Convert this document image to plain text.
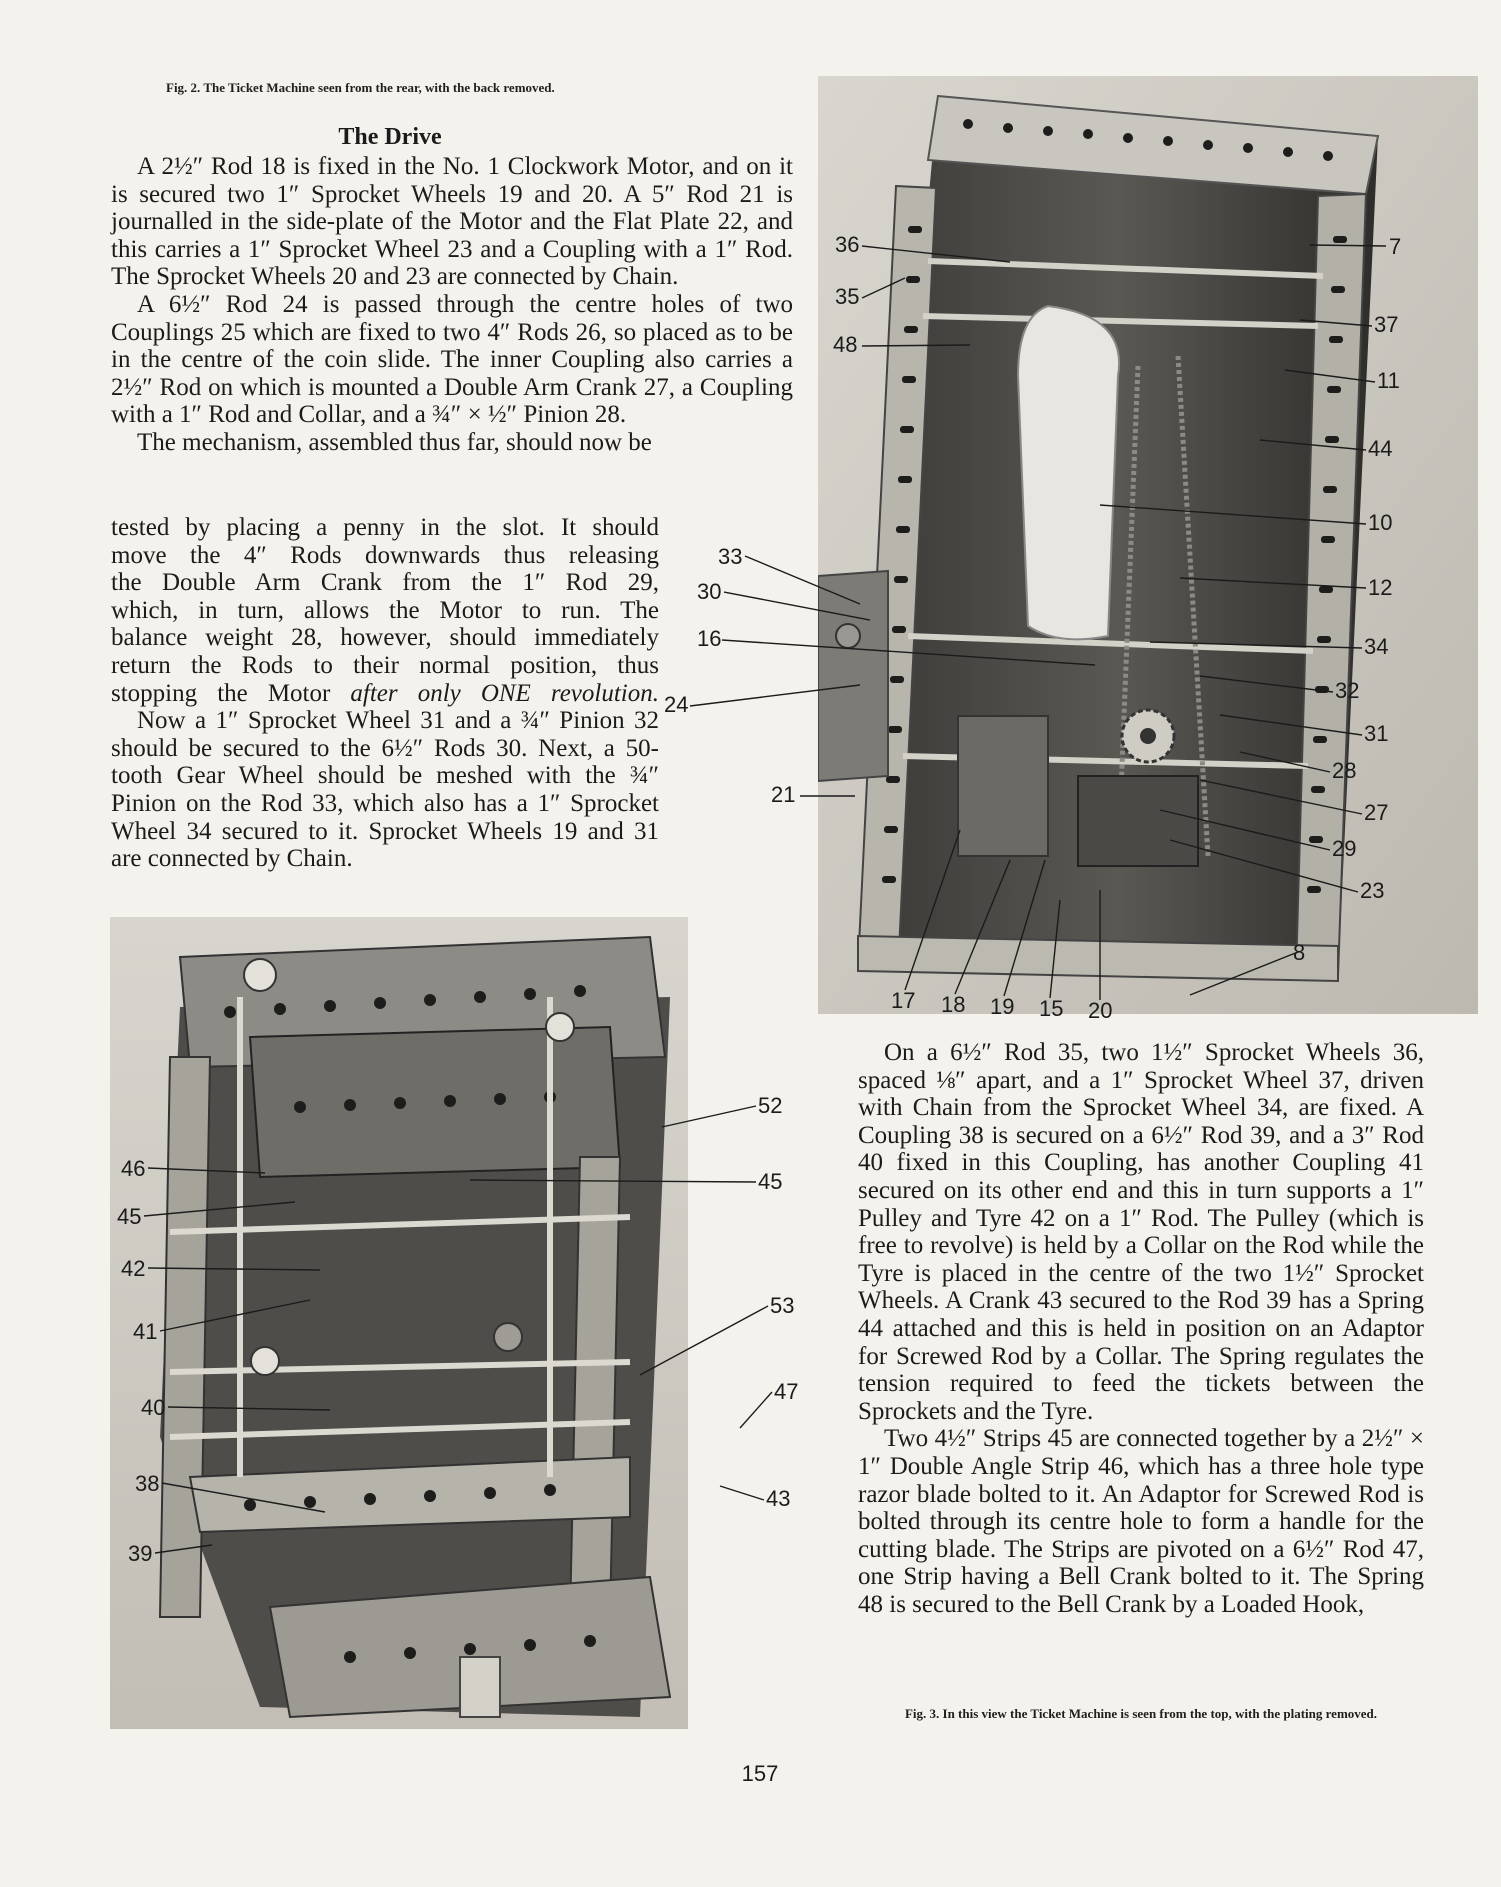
Fig. 2. The Ticket Machine seen from the rear, with the back removed.
The Drive

A 2½″ Rod 18 is fixed in the No. 1 Clockwork Motor, and on it is secured two 1″ Sprocket Wheels 19 and 20. A 5″ Rod 21 is journalled in the side-plate of the Motor and the Flat Plate 22, and this carries a 1″ Sprocket Wheel 23 and a Coupling with a 1″ Rod. The Sprocket Wheels 20 and 23 are connected by Chain.

A 6½″ Rod 24 is passed through the centre holes of two Couplings 25 which are fixed to two 4″ Rods 26, so placed as to be in the centre of the coin slide. The inner Coupling also carries a 2½″ Rod on which is mounted a Double Arm Crank 27, a Coupling with a 1″ Rod and Collar, and a ¾″ × ½″ Pinion 28.

The mechanism, assembled thus far, should now be

tested by placing a penny in the slot. It should
move the 4″ Rods downwards thus releasing
the Double Arm Crank from the 1″ Rod 29,
which, in turn, allows the Motor to run. The
balance weight 28, however, should immediately
return the Rods to their normal position, thus
stopping the Motor after only ONE revolution.

Now a 1″ Sprocket Wheel 31 and a ¾″ Pinion 32 should be secured to the 6½″ Rods 30. Next, a 50-tooth Gear Wheel should be meshed with the ¾″ Pinion on the Rod 33, which also has a 1″ Sprocket Wheel 34 secured to it. Sprocket Wheels 19 and 31 are connected by Chain.

36
35
48
33
30
16
24
21
7
37
11
44
10
12
34
32
31
28
27
29
23
8
17 18 19 15 20
46
45
42
41
40
38
39
52
45
53
47
43

On a 6½″ Rod 35, two 1½″ Sprocket Wheels 36, spaced ⅛″ apart, and a 1″ Sprocket Wheel 37, driven with Chain from the Sprocket Wheel 34, are fixed. A Coupling 38 is secured on a 6½″ Rod 39, and a 3″ Rod 40 fixed in this Coupling, has another Coupling 41 secured on its other end and this in turn supports a 1″ Pulley and Tyre 42 on a 1″ Rod. The Pulley (which is free to revolve) is held by a Collar on the Rod while the Tyre is placed in the centre of the two 1½″ Sprocket Wheels. A Crank 43 secured to the Rod 39 has a Spring 44 attached and this is held in position on an Adaptor for Screwed Rod by a Collar. The Spring regulates the tension required to feed the tickets between the Sprockets and the Tyre.

Two 4½″ Strips 45 are connected together by a 2½″ × 1″ Double Angle Strip 46, which has a three hole type razor blade bolted to it. An Adaptor for Screwed Rod is bolted through its centre hole to form a handle for the cutting blade. The Strips are pivoted on a 6½″ Rod 47, one Strip having a Bell Crank bolted to it. The Spring 48 is secured to the Bell Crank by a Loaded Hook,

Fig. 3. In this view the Ticket Machine is seen from the top, with the plating removed.
157
